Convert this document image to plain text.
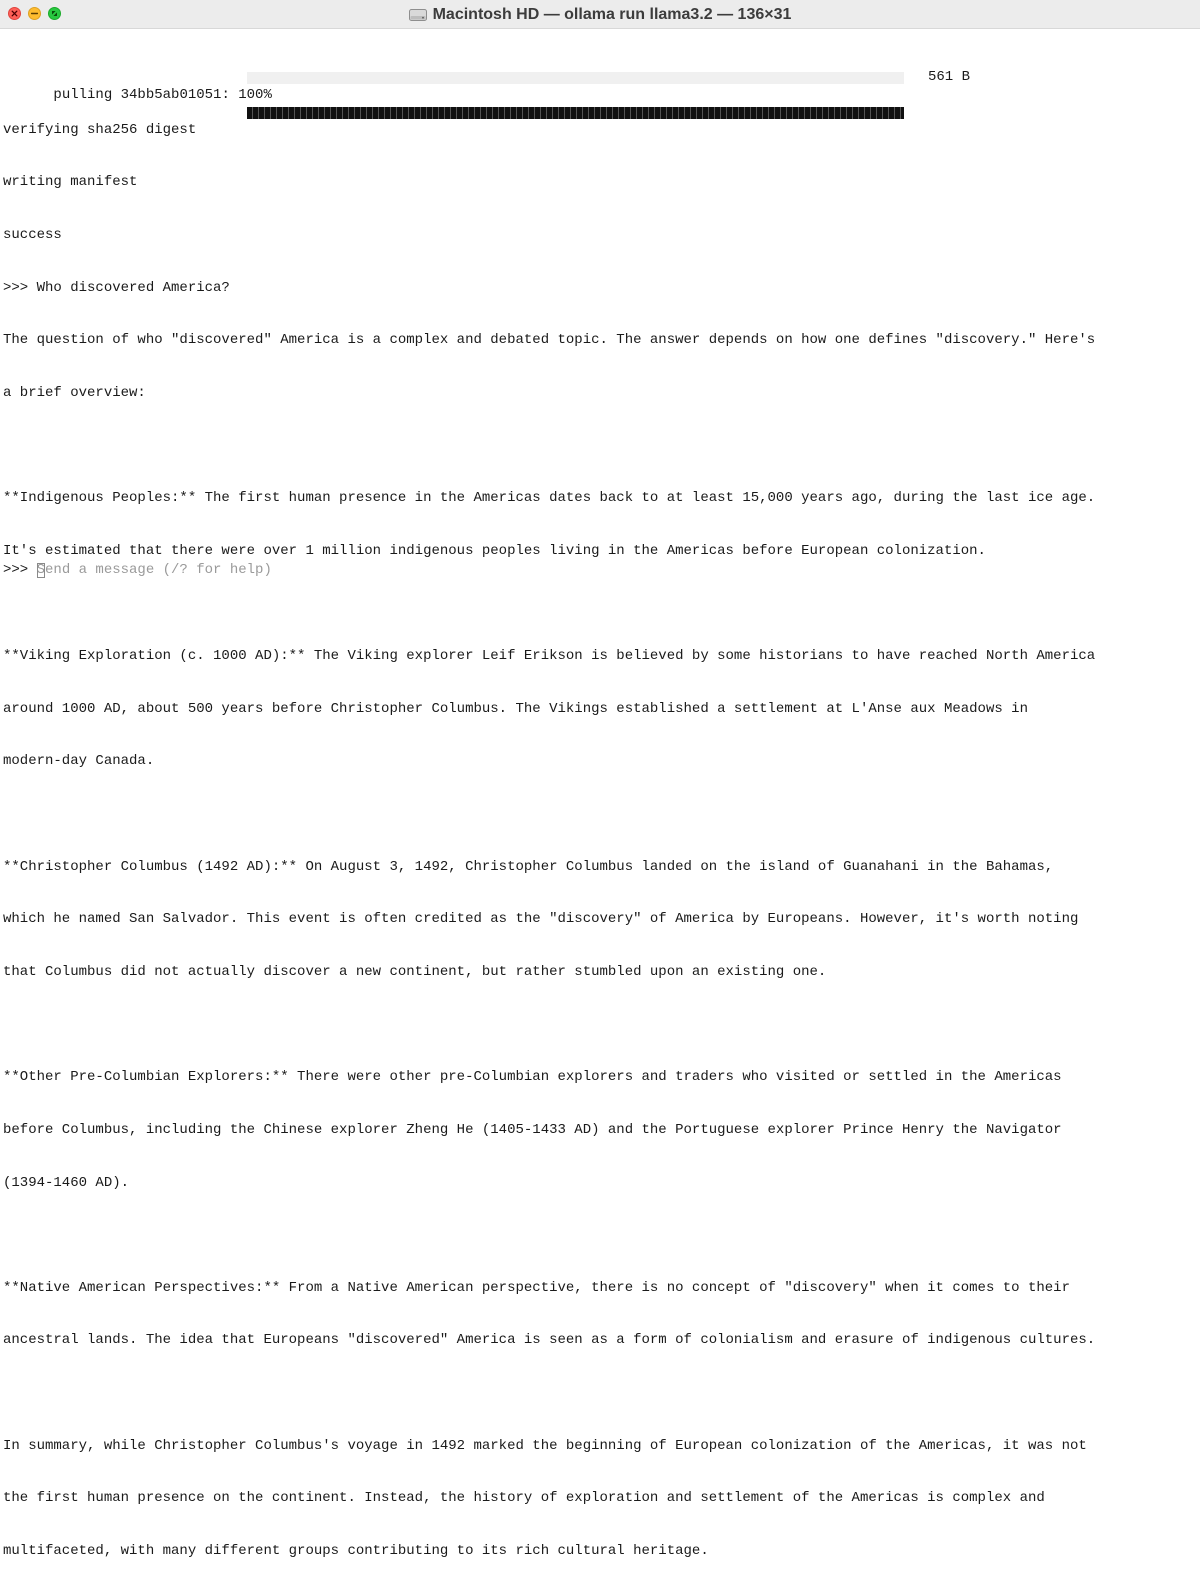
Macintosh HD — ollama run llama3.2 — 136×31

pulling 34bb5ab01051: 100%

561 B

verifying sha256 digest

writing manifest

success

>>> Who discovered America?

The question of who "discovered" America is a complex and debated topic. The answer depends on how one defines "discovery." Here's

a brief overview:

**Indigenous Peoples:** The first human presence in the Americas dates back to at least 15,000 years ago, during the last ice age.

It's estimated that there were over 1 million indigenous peoples living in the Americas before European colonization.

**Viking Exploration (c. 1000 AD):** The Viking explorer Leif Erikson is believed by some historians to have reached North America

around 1000 AD, about 500 years before Christopher Columbus. The Vikings established a settlement at L'Anse aux Meadows in

modern-day Canada.

**Christopher Columbus (1492 AD):** On August 3, 1492, Christopher Columbus landed on the island of Guanahani in the Bahamas,

which he named San Salvador. This event is often credited as the "discovery" of America by Europeans. However, it's worth noting

that Columbus did not actually discover a new continent, but rather stumbled upon an existing one.

**Other Pre-Columbian Explorers:** There were other pre-Columbian explorers and traders who visited or settled in the Americas

before Columbus, including the Chinese explorer Zheng He (1405-1433 AD) and the Portuguese explorer Prince Henry the Navigator

(1394-1460 AD).

**Native American Perspectives:** From a Native American perspective, there is no concept of "discovery" when it comes to their

ancestral lands. The idea that Europeans "discovered" America is seen as a form of colonialism and erasure of indigenous cultures.

In summary, while Christopher Columbus's voyage in 1492 marked the beginning of European colonization of the Americas, it was not

the first human presence on the continent. Instead, the history of exploration and settlement of the Americas is complex and

multifaceted, with many different groups contributing to its rich cultural heritage.

>>> Send a message (/? for help)
